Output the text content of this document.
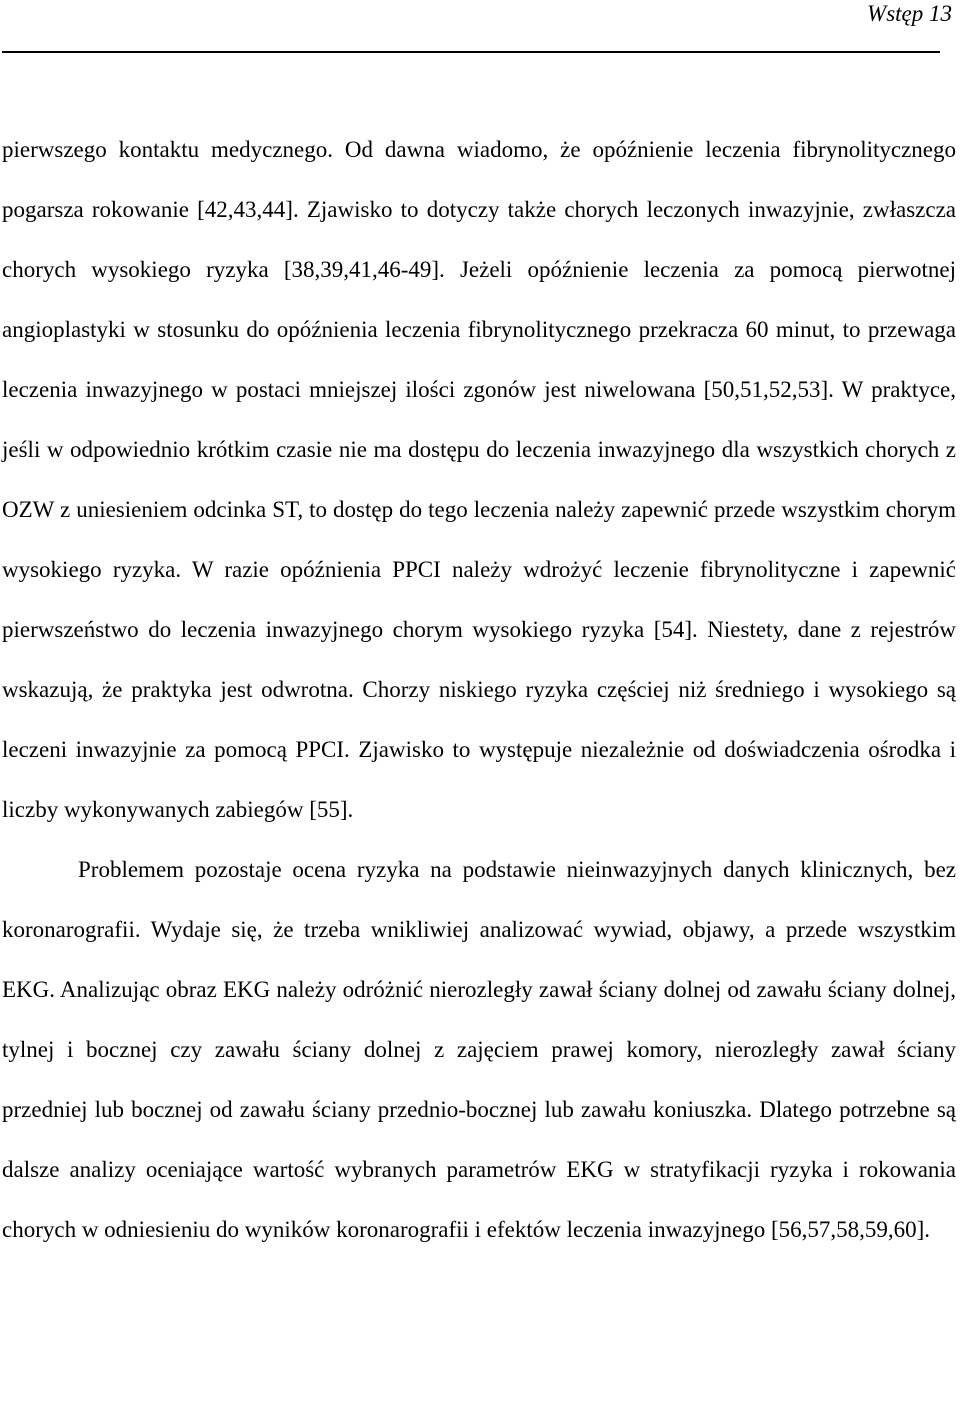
Wstęp 13

pierwszego kontaktu medycznego. Od dawna wiadomo, że opóźnienie leczenia fibrynolitycznego pogarsza rokowanie [42,43,44]. Zjawisko to dotyczy także chorych leczonych inwazyjnie, zwłaszcza chorych wysokiego ryzyka [38,39,41,46-49]. Jeżeli opóźnienie leczenia za pomocą pierwotnej angioplastyki w stosunku do opóźnienia leczenia fibrynolitycznego przekracza 60 minut, to przewaga leczenia inwazyjnego w postaci mniejszej ilości zgonów jest niwelowana [50,51,52,53]. W praktyce, jeśli w odpowiednio krótkim czasie nie ma dostępu do leczenia inwazyjnego dla wszystkich chorych z OZW z uniesieniem odcinka ST, to dostęp do tego leczenia należy zapewnić przede wszystkim chorym wysokiego ryzyka. W razie opóźnienia PPCI należy wdrożyć leczenie fibrynolityczne i zapewnić pierwszeństwo do leczenia inwazyjnego chorym wysokiego ryzyka [54]. Niestety, dane z rejestrów wskazują, że praktyka jest odwrotna. Chorzy niskiego ryzyka częściej niż średniego i wysokiego są leczeni inwazyjnie za pomocą PPCI. Zjawisko to występuje niezależnie od doświadczenia ośrodka i liczby wykonywanych zabiegów [55].

Problemem pozostaje ocena ryzyka na podstawie nieinwazyjnych danych klinicznych, bez koronarografii. Wydaje się, że trzeba wnikliwiej analizować wywiad, objawy, a przede wszystkim EKG. Analizując obraz EKG należy odróżnić nierozległy zawał ściany dolnej od zawału ściany dolnej, tylnej i bocznej czy zawału ściany dolnej z zajęciem prawej komory, nierozległy zawał ściany przedniej lub bocznej od zawału ściany przednio-bocznej lub zawału koniuszka. Dlatego potrzebne są dalsze analizy oceniające wartość wybranych parametrów EKG w stratyfikacji ryzyka i rokowania chorych w odniesieniu do wyników koronarografii i efektów leczenia inwazyjnego [56,57,58,59,60].
